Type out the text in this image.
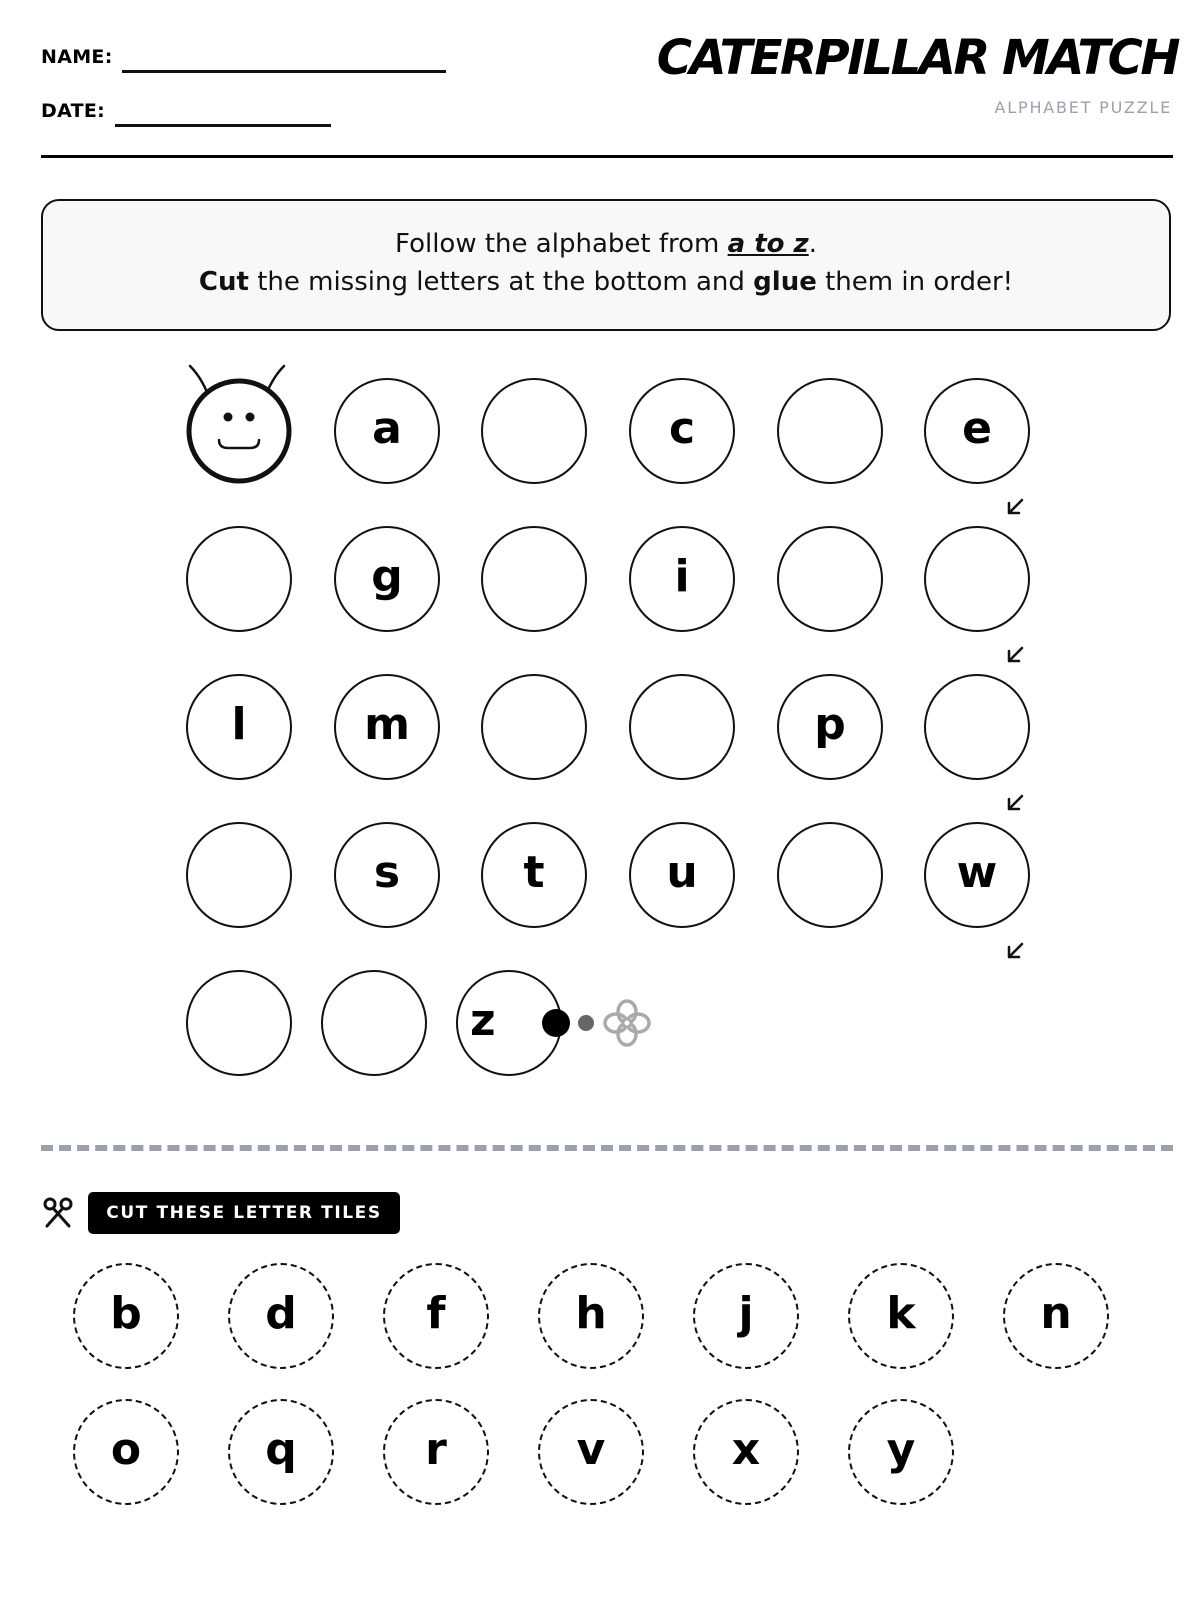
NAME:
DATE:
CATERPILLAR MATCH
ALPHABET PUZZLE
Follow the alphabet from a to z.
Cut the missing letters at the bottom and glue them in order!
a	c	e
g	i
l	m	p
s	t	u	w
z
CUT THESE LETTER TILES
b	d	f	h	j	k	n
o	q	r	v	x	y
